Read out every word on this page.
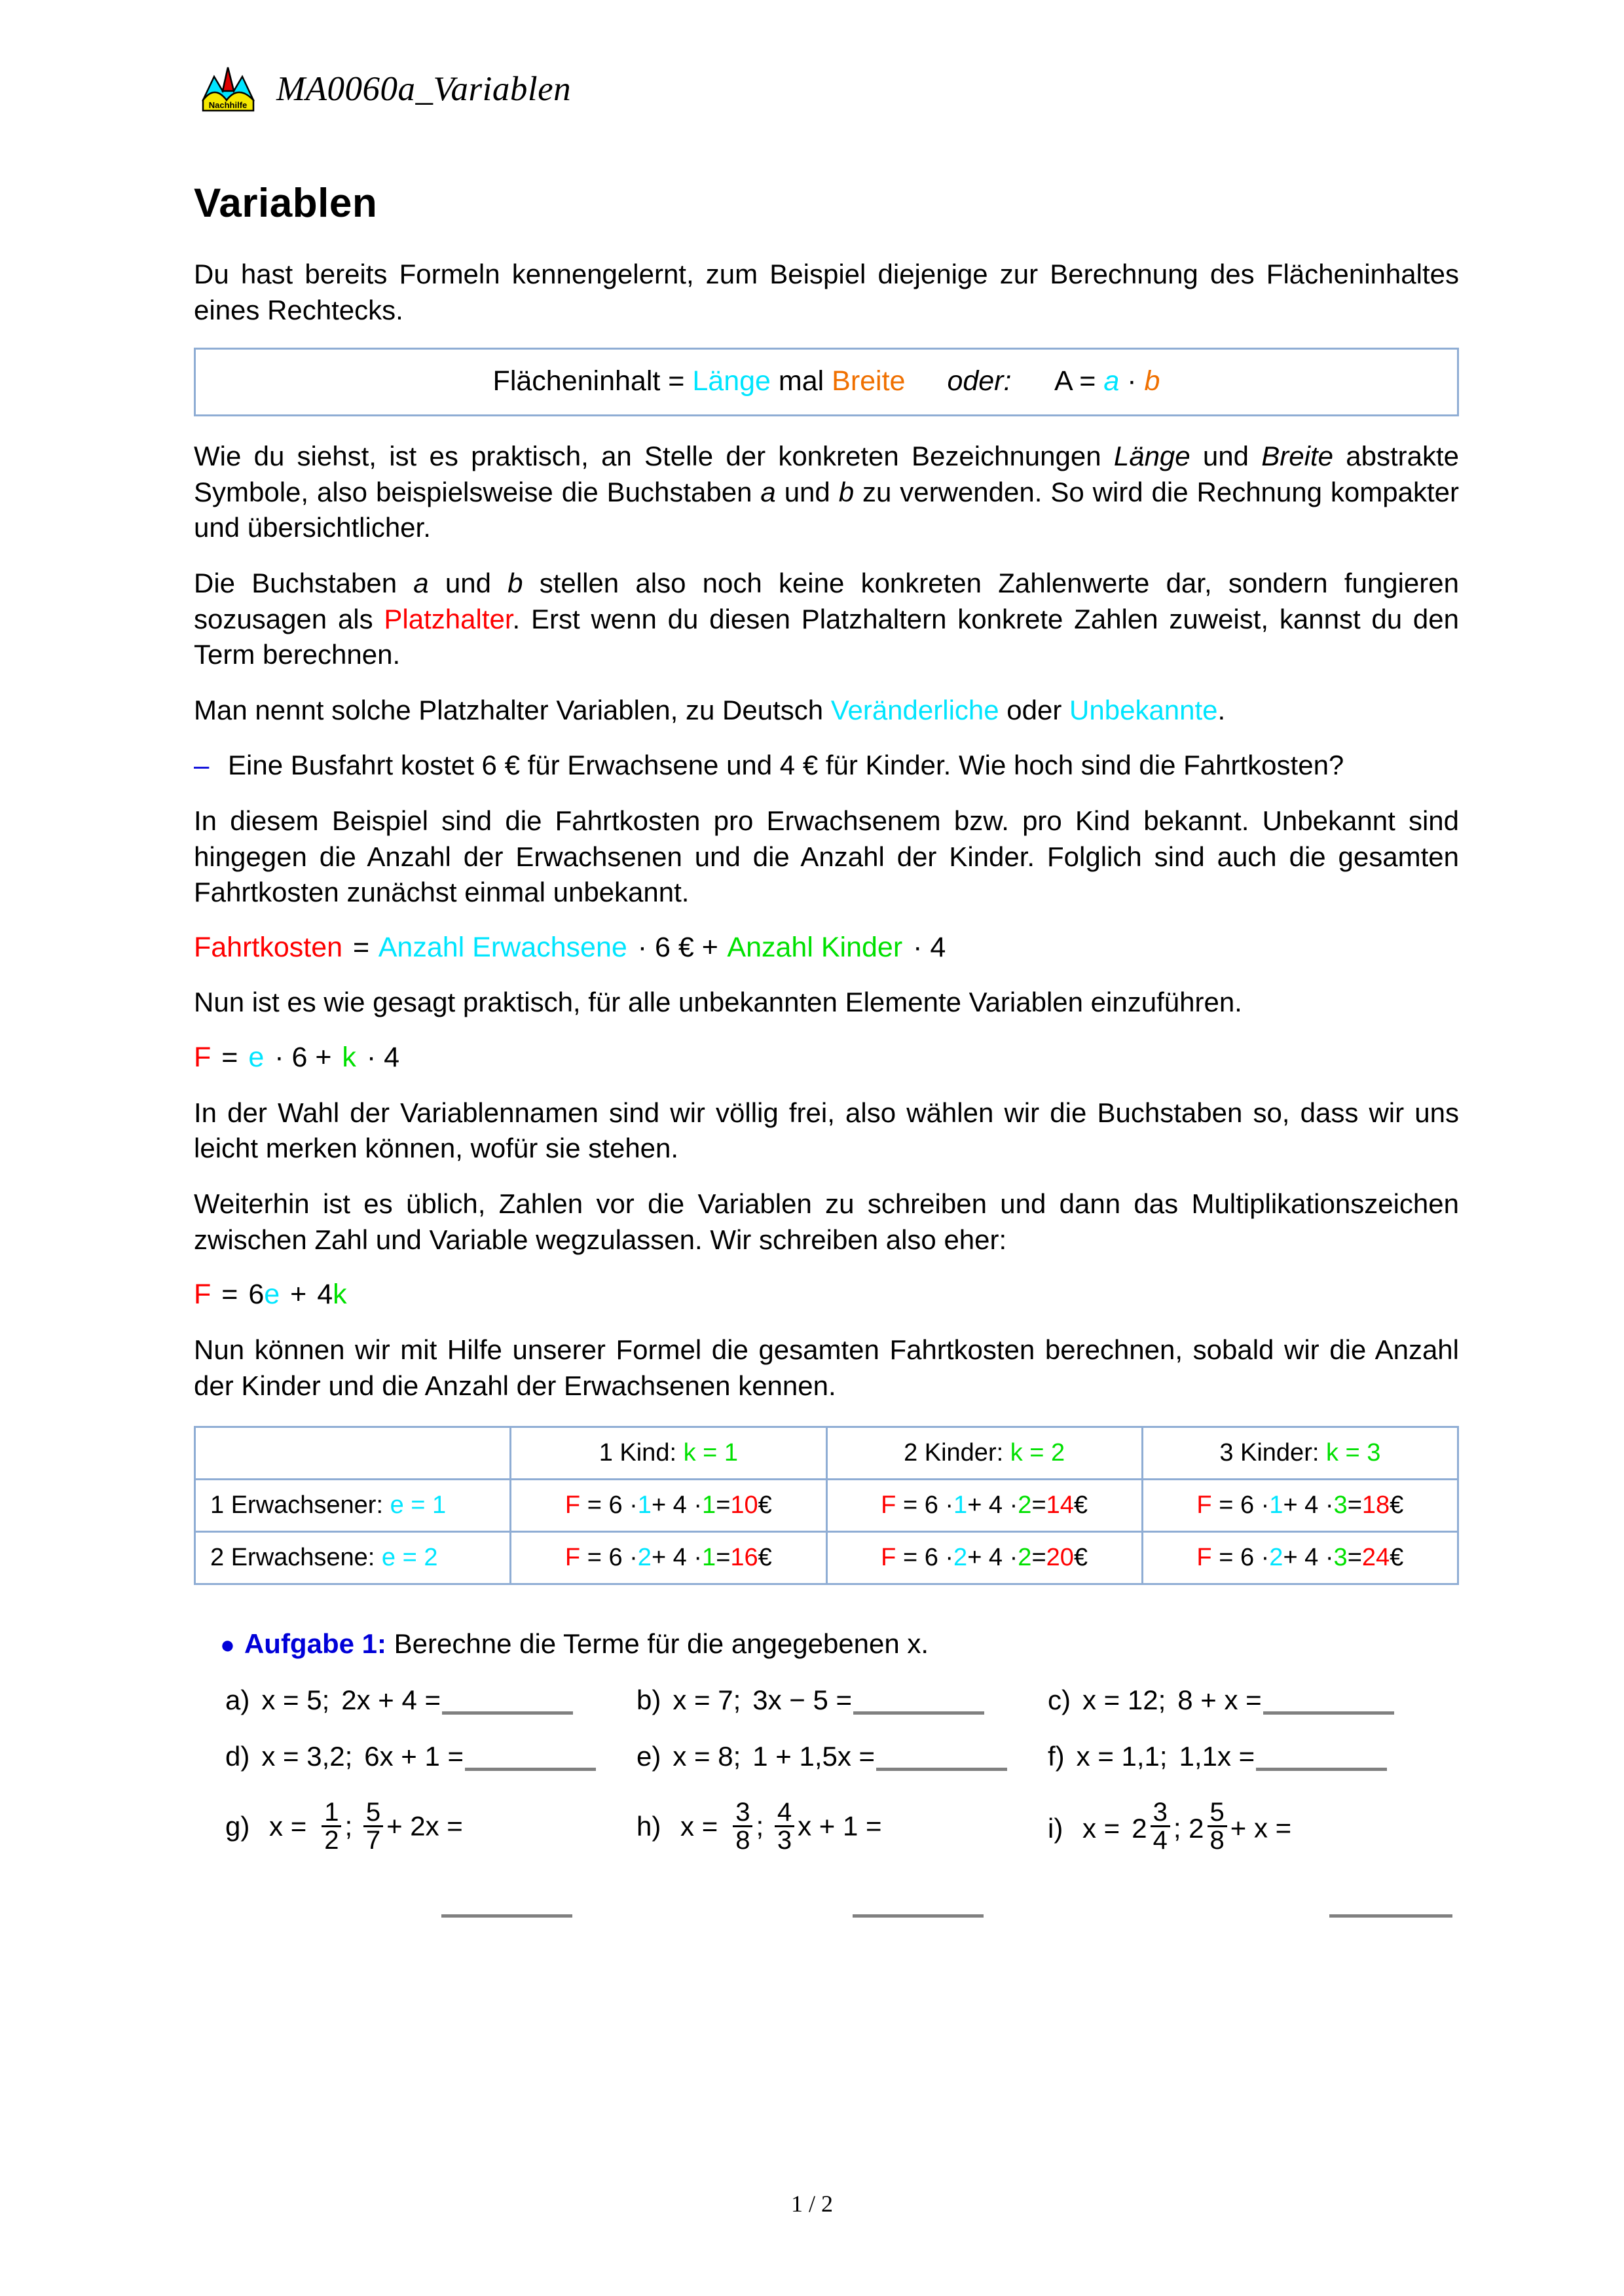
Nachhilfe MA0060a_Variablen
Variablen

Du hast bereits Formeln kennengelernt, zum Beispiel diejenige zur Berechnung des Flächeninhaltes eines Rechtecks.

Flächeninhalt = Länge mal Breite oder: A = a · b

Wie du siehst, ist es praktisch, an Stelle der konkreten Bezeichnungen Länge und Breite abstrakte Symbole, also beispielsweise die Buchstaben a und b zu verwenden. So wird die Rechnung kompakter und übersichtlicher.

Die Buchstaben a und b stellen also noch keine konkreten Zahlenwerte dar, sondern fungieren sozusagen als Platzhalter. Erst wenn du diesen Platzhaltern konkrete Zahlen zuweist, kannst du den Term berechnen.

Man nennt solche Platzhalter Variablen, zu Deutsch Veränderliche oder Unbekannte.

– Eine Busfahrt kostet 6 € für Erwachsene und 4 € für Kinder. Wie hoch sind die Fahrtkosten?

In diesem Beispiel sind die Fahrtkosten pro Erwachsenem bzw. pro Kind bekannt. Unbekannt sind hingegen die Anzahl der Erwachsenen und die Anzahl der Kinder. Folglich sind auch die gesamten Fahrtkosten zunächst einmal unbekannt.

Fahrtkosten = Anzahl Erwachsene · 6 € + Anzahl Kinder · 4

Nun ist es wie gesagt praktisch, für alle unbekannten Elemente Variablen einzuführen.

F = e · 6 + k · 4

In der Wahl der Variablennamen sind wir völlig frei, also wählen wir die Buchstaben so, dass wir uns leicht merken können, wofür sie stehen.

Weiterhin ist es üblich, Zahlen vor die Variablen zu schreiben und dann das Multiplikationszeichen zwischen Zahl und Variable wegzulassen. Wir schreiben also eher:

F = 6e + 4k

Nun können wir mit Hilfe unserer Formel die gesamten Fahrtkosten berechnen, sobald wir die Anzahl der Kinder und die Anzahl der Erwachsenen kennen.

	1 Kind: k = 1	2 Kinder: k = 2	3 Kinder: k = 3
1 Erwachsener: e = 1	F = 6 ·1+ 4 ·1=10€	F = 6 ·1+ 4 ·2=14€	F = 6 ·1+ 4 ·3=18€
2 Erwachsene: e = 2	F = 6 ·2+ 4 ·1=16€	F = 6 ·2+ 4 ·2=20€	F = 6 ·2+ 4 ·3=24€
● Aufgabe 1: Berechne die Terme für die angegebenen x.
a) x = 5; 2x + 4 =	b) x = 7; 3x − 5 =	c) x = 12; 8 + x =
d) x = 3,2; 6x + 1 =	e) x = 8; 1 + 1,5x =	f) x = 1,1; 1,1x =
g) $x = \frac{1}{2}$ ; $\frac{5}{7} + 2x$ =	h) $x = \frac{3}{8}$ ; $\frac{4}{3}$ x + 1 =	i) $x = 2 \frac{3}{4}$ ; $2 \frac{5}{8} + x$ =
1 / 2
